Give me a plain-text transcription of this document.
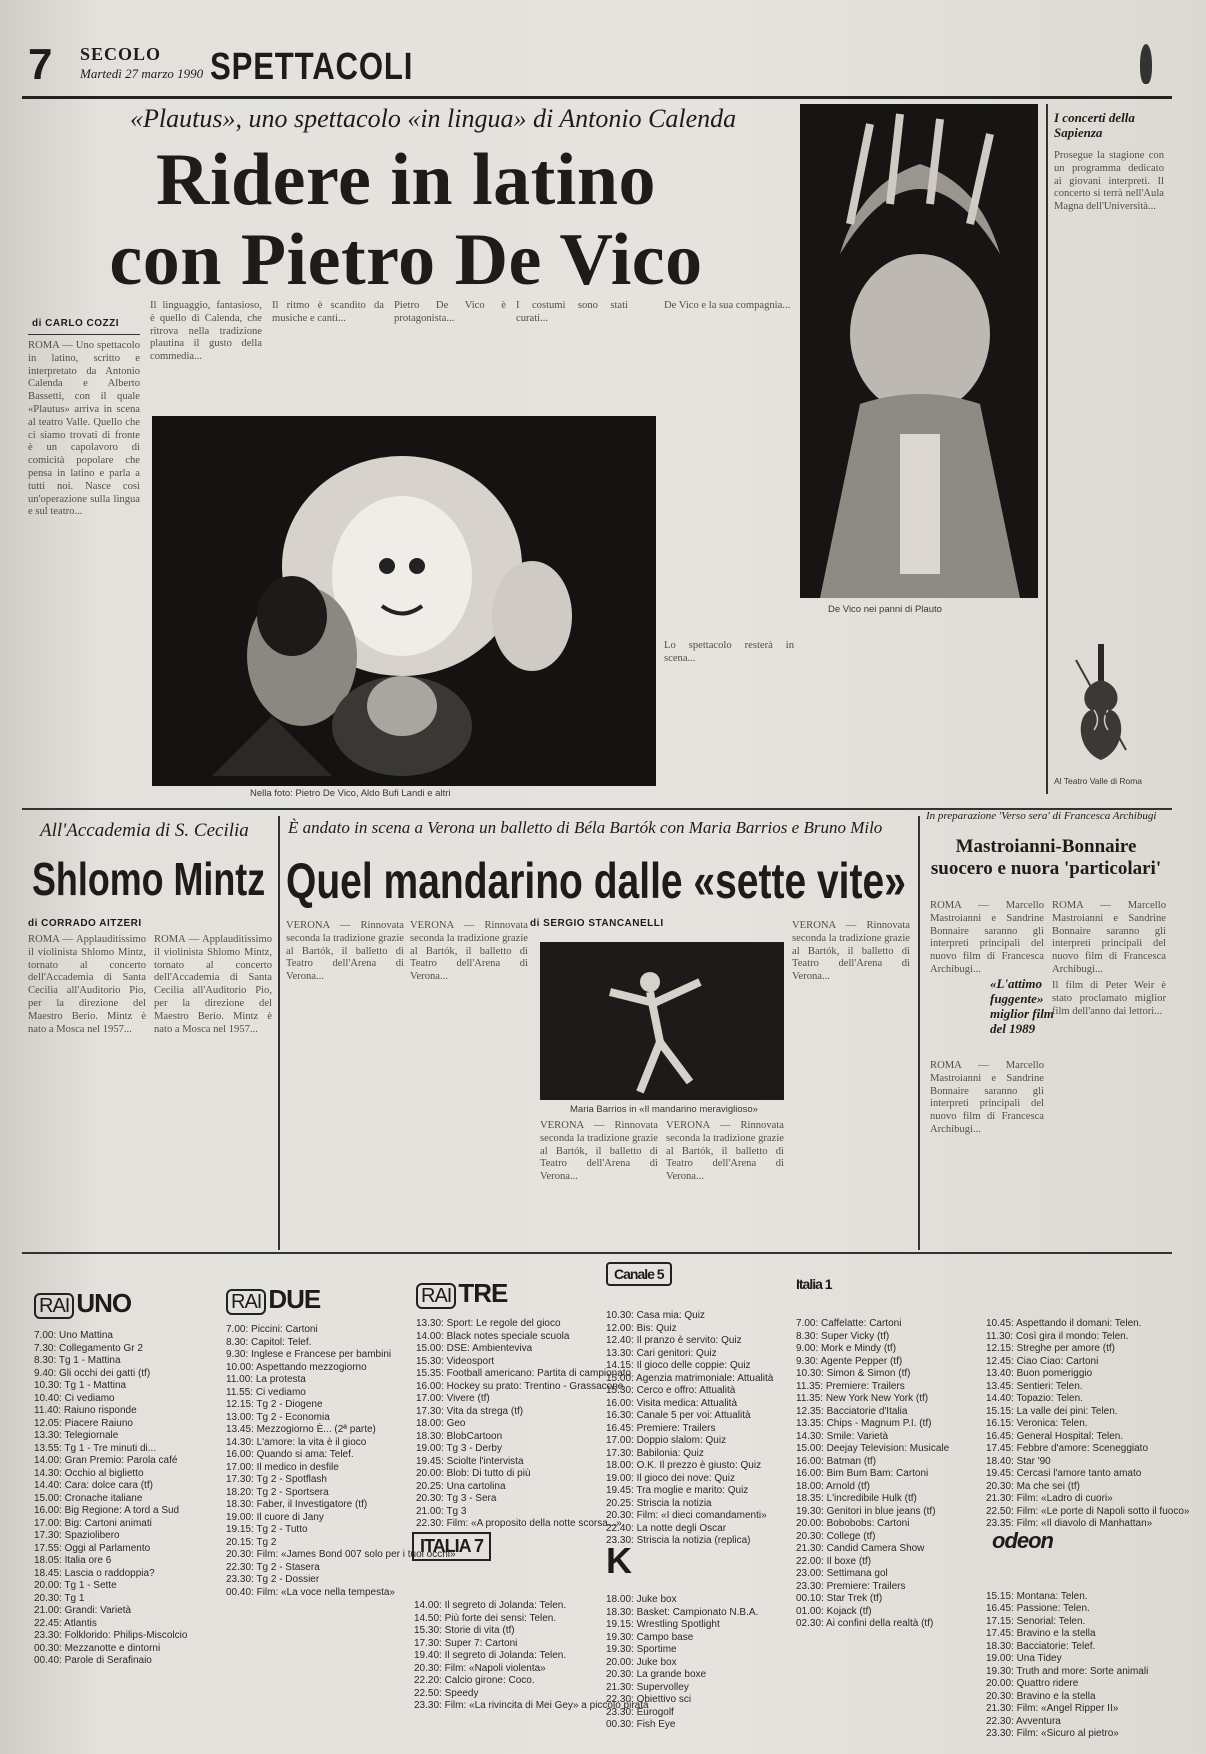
7 SECOLO
Martedì 27 marzo 1990 SPETTACOLI
«Plautus», uno spettacolo «in lingua» di Antonio Calenda
Ridere in latino
con Pietro De Vico
di CARLO COZZI
ROMA — Uno spettacolo in latino, scritto e interpretato da Antonio Calenda e Alberto Bassetti, con il quale «Plautus» arriva in scena al teatro Valle. Quello che ci siamo trovati di fronte è un capolavoro di comicità popolare che pensa in latino e parla a tutti noi. Nasce così un'operazione sulla lingua e sul teatro...
Il linguaggio, fantasioso, è quello di Calenda, che ritrova nella tradizione plautina il gusto della commedia...
Il ritmo è scandito da musiche e canti...
Pietro De Vico è protagonista...
I costumi sono stati curati...
De Vico e la sua compagnia...
Lo spettacolo resterà in scena...
Nella foto: Pietro De Vico, Aldo Bufi Landi e altri
De Vico nei panni di Plauto
I concerti della Sapienza
Prosegue la stagione con un programma dedicato ai giovani interpreti. Il concerto si terrà nell'Aula Magna dell'Università...
Al Teatro Valle di Roma
All'Accademia di S. Cecilia
Shlomo Mintz
di CORRADO AITZERI
ROMA — Applauditissimo il violinista Shlomo Mintz, tornato al concerto dell'Accademia di Santa Cecilia all'Auditorio Pio, per la direzione del Maestro Berio. Mintz è nato a Mosca nel 1957...
ROMA — Applauditissimo il violinista Shlomo Mintz, tornato al concerto dell'Accademia di Santa Cecilia all'Auditorio Pio, per la direzione del Maestro Berio. Mintz è nato a Mosca nel 1957...
È andato in scena a Verona un balletto di Béla Bartók con Maria Barrios e Bruno Milo
Quel mandarino dalle «sette vite»
di SERGIO STANCANELLI
VERONA — Rinnovata seconda la tradizione grazie al Bartók, il balletto di Teatro dell'Arena di Verona...
VERONA — Rinnovata seconda la tradizione grazie al Bartók, il balletto di Teatro dell'Arena di Verona...
Maria Barrios in «Il mandarino meraviglioso»
VERONA — Rinnovata seconda la tradizione grazie al Bartók, il balletto di Teatro dell'Arena di Verona...
VERONA — Rinnovata seconda la tradizione grazie al Bartók, il balletto di Teatro dell'Arena di Verona...
VERONA — Rinnovata seconda la tradizione grazie al Bartók, il balletto di Teatro dell'Arena di Verona...
In preparazione 'Verso sera' di Francesca Archibugi
Mastroianni-Bonnaire suocero e nuora 'particolari'
ROMA — Marcello Mastroianni e Sandrine Bonnaire saranno gli interpreti principali del nuovo film di Francesca Archibugi...
ROMA — Marcello Mastroianni e Sandrine Bonnaire saranno gli interpreti principali del nuovo film di Francesca Archibugi...
«L'attimo fuggente» miglior film del 1989
ROMA — Marcello Mastroianni e Sandrine Bonnaire saranno gli interpreti principali del nuovo film di Francesca Archibugi...
Il film di Peter Weir è stato proclamato miglior film dell'anno dai lettori...
RAI UNO
7.00: Uno Mattina
7.30: Collegamento Gr 2
8.30: Tg 1 - Mattina
9.40: Gli occhi dei gatti (tf)
10.30: Tg 1 - Mattina
10.40: Ci vediamo
11.40: Raiuno risponde
12.05: Piacere Raiuno
13.30: Telegiornale
13.55: Tg 1 - Tre minuti di...
14.00: Gran Premio: Parola café
14.30: Occhio al biglietto
14.40: Cara: dolce cara (tf)
15.00: Cronache italiane
16.00: Big Regione: A tord a Sud
17.00: Big: Cartoni animati
17.30: Spaziolibero
17.55: Oggi al Parlamento
18.05: Italia ore 6
18.45: Lascia o raddoppia?
20.00: Tg 1 - Sette
20.30: Tg 1
21.00: Grandi: Varietà
22.45: Atlantis
23.30: Folklorido: Philips-Miscolcio
00.30: Mezzanotte e dintorni
00.40: Parole di Serafinaio
RAI DUE
7.00: Piccini: Cartoni
8.30: Capitol: Telef.
9.30: Inglese e Francese per bambini
10.00: Aspettando mezzogiorno
11.00: La protesta
11.55: Ci vediamo
12.15: Tg 2 - Diogene
13.00: Tg 2 - Economia
13.45: Mezzogiorno È... (2ª parte)
14.30: L'amore: la vita è il gioco
16.00: Quando si ama: Telef.
17.00: Il medico in desfile
17.30: Tg 2 - Spotflash
18.20: Tg 2 - Sportsera
18.30: Faber, il Investigatore (tf)
19.00: Il cuore di Jany
19.15: Tg 2 - Tutto
20.15: Tg 2
20.30: Film: «James Bond 007 solo per i tuoi occhi»
22.30: Tg 2 - Stasera
23.30: Tg 2 - Dossier
00.40: Film: «La voce nella tempesta»
RAI TRE
13.30: Sport: Le regole del gioco
14.00: Black notes speciale scuola
15.00: DSE: Ambienteviva
15.30: Videosport
15.35: Football americano: Partita di campionato
16.00: Hockey su prato: Trentino - Grassacone
17.00: Vivere (tf)
17.30: Vita da strega (tf)
18.00: Geo
18.30: BlobCartoon
19.00: Tg 3 - Derby
19.45: Sciolte l'intervista
20.00: Blob: Di tutto di più
20.25: Una cartolina
20.30: Tg 3 - Sera
21.00: Tg 3
22.30: Film: «A proposito della notte scorsa...»
ITALIA 7
14.00: Il segreto di Jolanda: Telen.
14.50: Più forte dei sensi: Telen.
15.30: Storie di vita (tf)
17.30: Super 7: Cartoni
19.40: Il segreto di Jolanda: Telen.
20.30: Film: «Napoli violenta»
22.20: Calcio girone: Coco.
22.50: Speedy
23.30: Film: «La rivincita di Mei Gey» a piccolo pirata
Canale 5
10.30: Casa mia: Quiz
12.00: Bis: Quiz
12.40: Il pranzo è servito: Quiz
13.30: Cari genitori: Quiz
14.15: Il gioco delle coppie: Quiz
15.00: Agenzia matrimoniale: Attualità
15.30: Cerco e offro: Attualità
16.00: Visita medica: Attualità
16.30: Canale 5 per voi: Attualità
16.45: Premiere: Trailers
17.00: Doppio slalom: Quiz
17.30: Babilonia: Quiz
18.00: O.K. Il prezzo è giusto: Quiz
19.00: Il gioco dei nove: Quiz
19.45: Tra moglie e marito: Quiz
20.25: Striscia la notizia
20.30: Film: «I dieci comandamenti»
22.40: La notte degli Oscar
23.30: Striscia la notizia (replica)
K
18.00: Juke box
18.30: Basket: Campionato N.B.A.
19.15: Wrestling Spotlight
19.30: Campo base
19.30: Sportime
20.00: Juke box
20.30: La grande boxe
21.30: Supervolley
22.30: Obiettivo sci
23.30: Eurogolf
00.30: Fish Eye
Italia 1
7.00: Caffelatte: Cartoni
8.30: Super Vicky (tf)
9.00: Mork e Mindy (tf)
9.30: Agente Pepper (tf)
10.30: Simon & Simon (tf)
11.35: Premiere: Trailers
11.35: New York New York (tf)
12.35: Bacciatorie d'Italia
13.35: Chips - Magnum P.I. (tf)
14.30: Smile: Varietà
15.00: Deejay Television: Musicale
16.00: Batman (tf)
16.00: Bim Bum Bam: Cartoni
18.00: Arnold (tf)
18.35: L'incredibile Hulk (tf)
19.30: Genitori in blue jeans (tf)
20.00: Bobobobs: Cartoni
20.30: College (tf)
21.30: Candid Camera Show
22.00: Il boxe (tf)
23.00: Settimana gol
23.30: Premiere: Trailers
00.10: Star Trek (tf)
01.00: Kojack (tf)
02.30: Ai confini della realtà (tf)
10.45: Aspettando il domani: Telen.
11.30: Così gira il mondo: Telen.
12.15: Streghe per amore (tf)
12.45: Ciao Ciao: Cartoni
13.40: Buon pomeriggio
13.45: Sentieri: Telen.
14.40: Topazio: Telen.
15.15: La valle dei pini: Telen.
16.15: Veronica: Telen.
16.45: General Hospital: Telen.
17.45: Febbre d'amore: Sceneggiato
18.40: Star '90
19.45: Cercasi l'amore tanto amato
20.30: Ma che sei (tf)
21.30: Film: «Ladro di cuori»
22.50: Film: «Le porte di Napoli sotto il fuoco»
23.35: Film: «Il diavolo di Manhattan»
15.15: Montana: Telen.
16.45: Passione: Telen.
17.15: Senorial: Telen.
17.45: Bravino e la stella
18.30: Bacciatorie: Telef.
19.00: Una Tidey
19.30: Truth and more: Sorte animali
20.00: Quattro ridere
20.30: Bravino e la stella
21.30: Film: «Angel Ripper II»
22.30: Avventura
23.30: Film: «Sicuro al pietro»
odeon
